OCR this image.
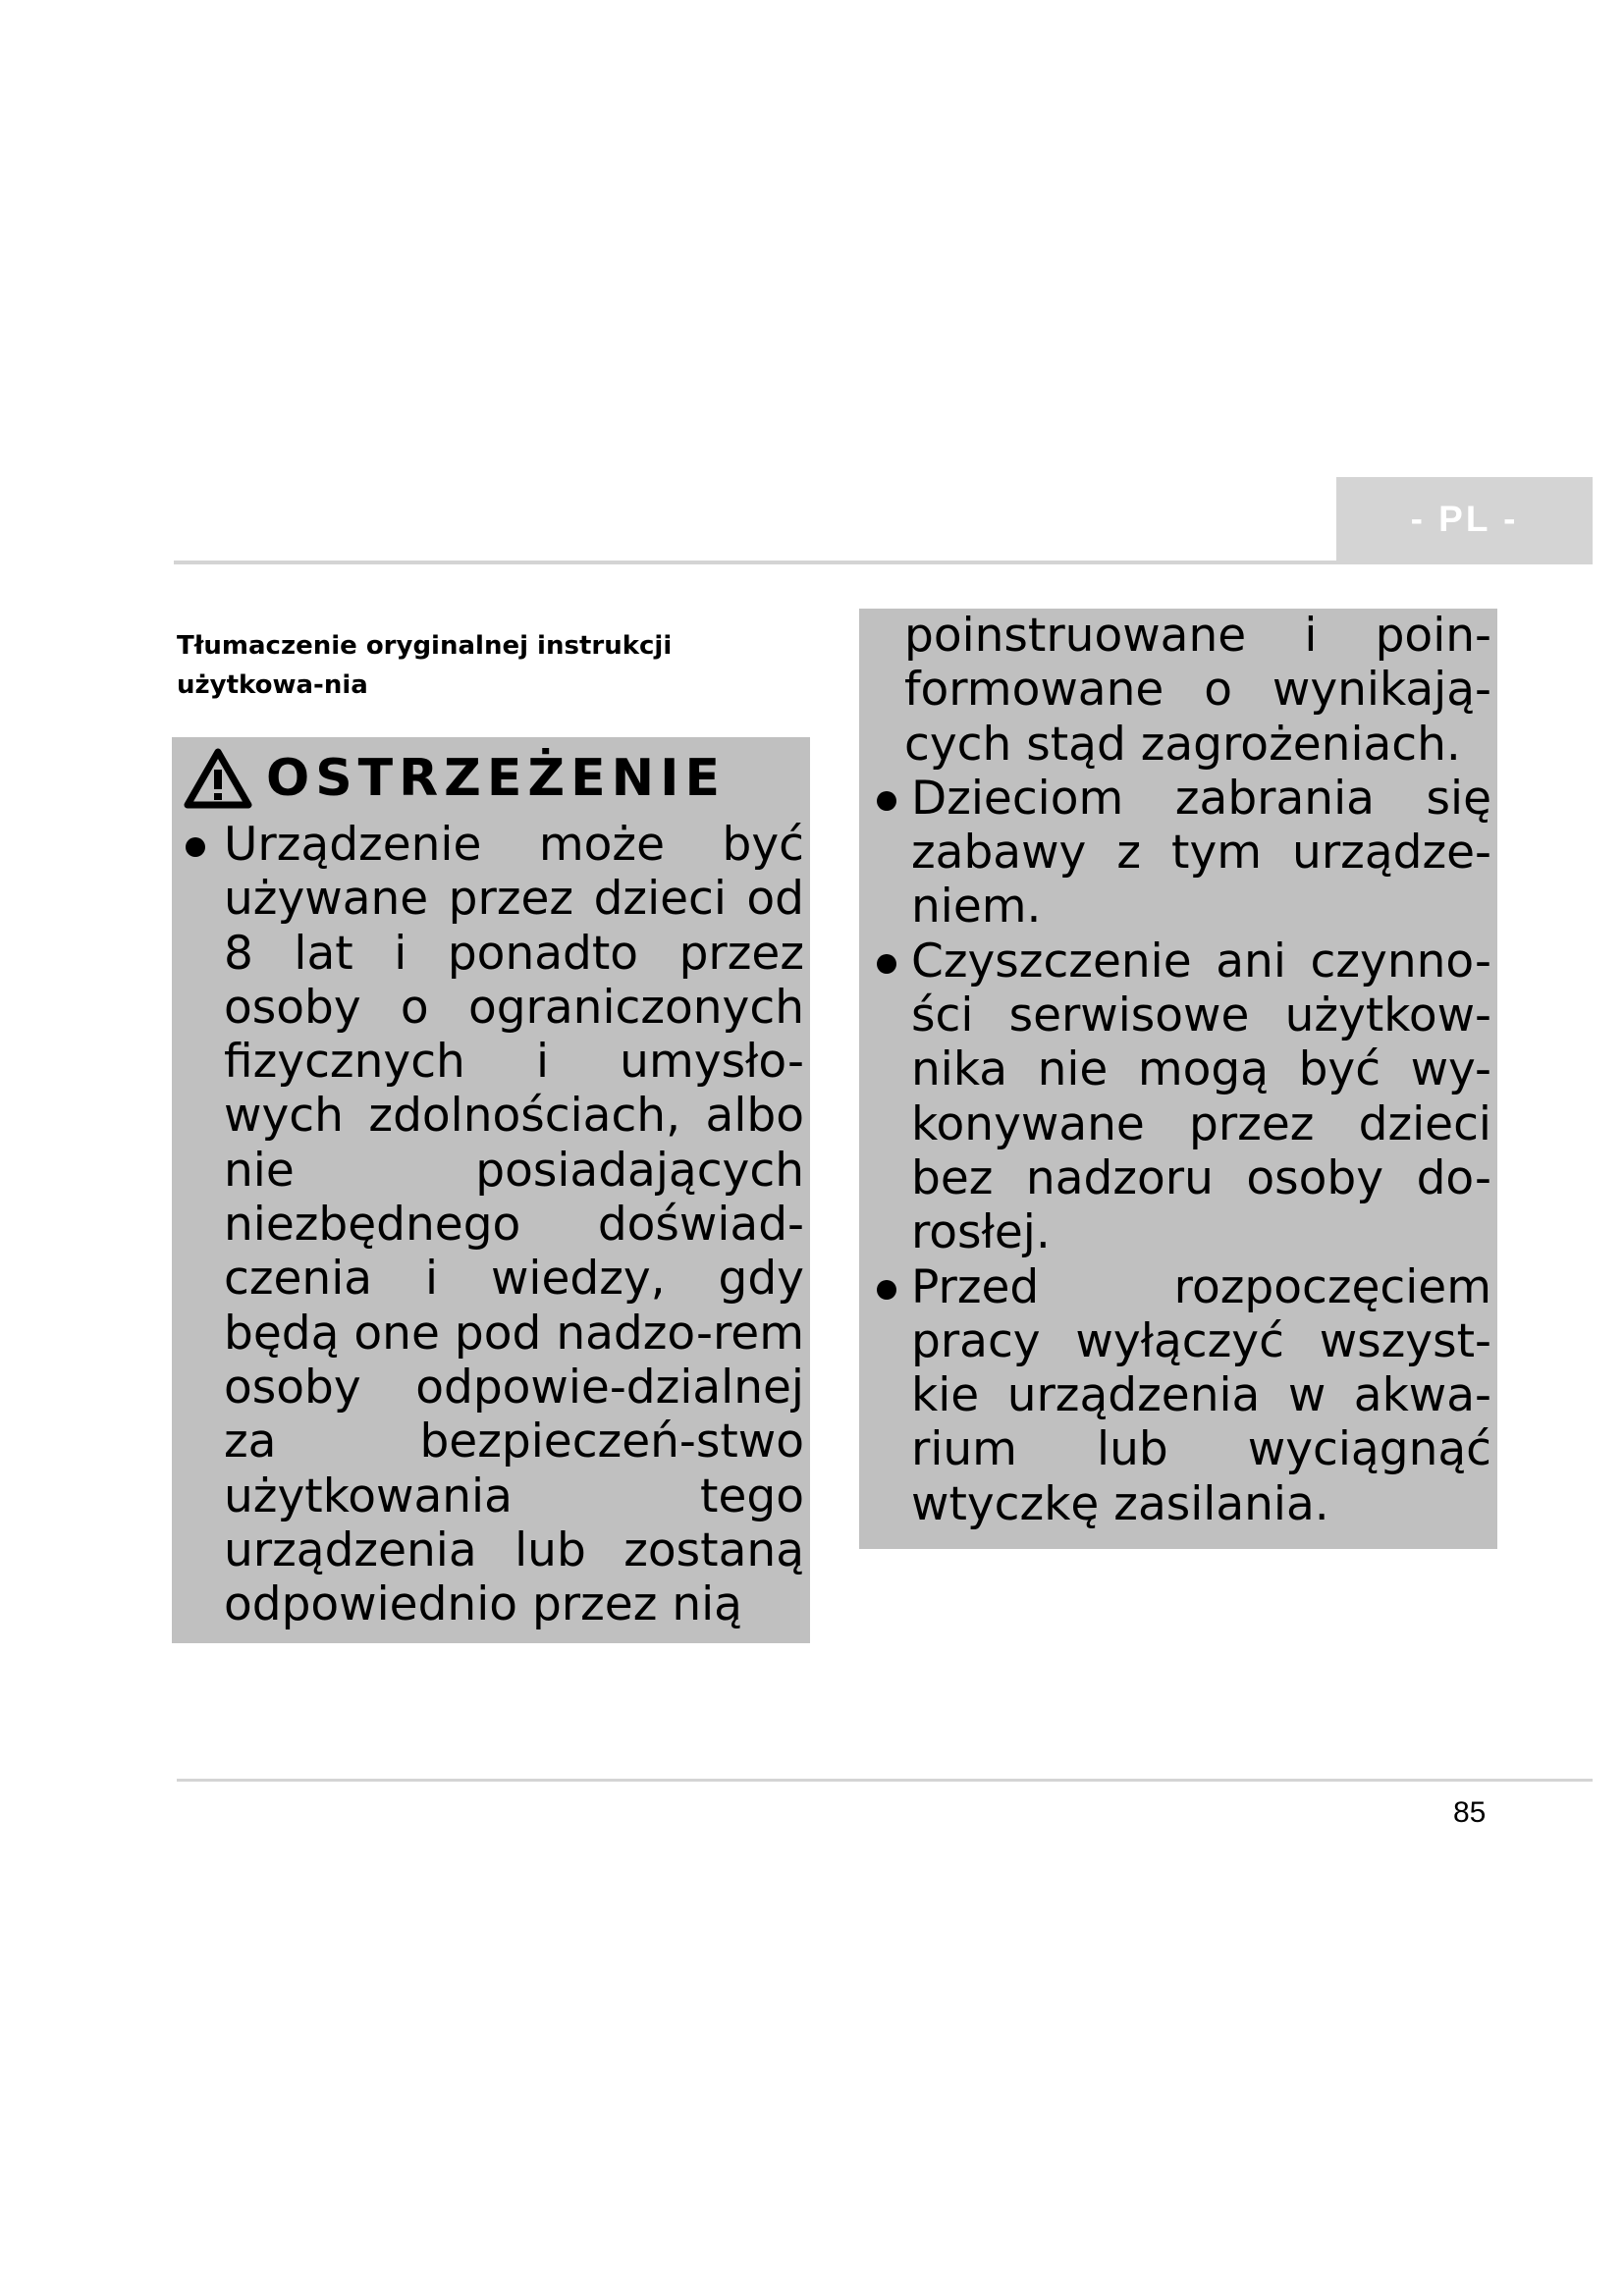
- PL -

Tłumaczenie oryginalnej instrukcji użytkowa-nia

OSTRZEŻENIE
Urządzenie może być używane przez dzieci od 8 lat i ponadto przez osoby o ograniczonych fizycznych i umysło-wych zdolnościach, albo nie posiadających niezbędnego doświad-czenia i wiedzy, gdy będą one pod nadzo-rem osoby odpowie-dzialnej za bezpieczeń-stwo użytkowania tego urządzenia lub zostaną odpowiednio przez nią
poinstruowane i poin-formowane o wynikają-cych stąd zagrożeniach.
Dzieciom zabrania się zabawy z tym urządze-niem.
Czyszczenie ani czynno-ści serwisowe użytkow-nika nie mogą być wy-konywane przez dzieci bez nadzoru osoby do-rosłej.
Przed rozpoczęciem pracy wyłączyć wszyst-kie urządzenia w akwa-rium lub wyciągnąć wtyczkę zasilania.
85
